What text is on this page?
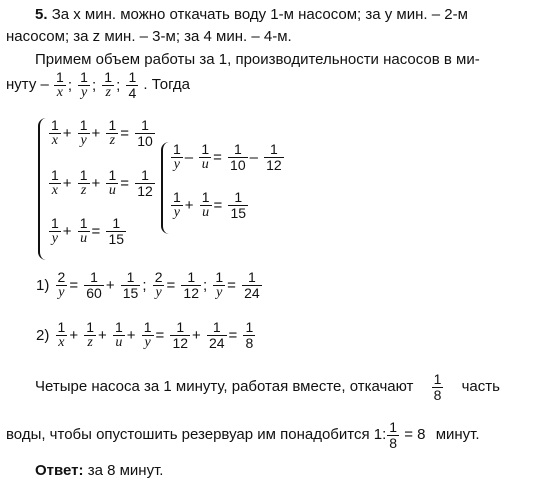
5. За x мин. можно откачать воду 1-м насосом; за y мин. – 2-м
насосом; за z мин. – 3-м; за 4 мин. – 4-м.
Примем объем работы за 1, производительности насосов в ми-
нуту – $\frac{1}{x}$ ; $\frac{1}{y}$ ; $\frac{1}{z}$ ; $\frac{1}{4}$ . Тогда
$\frac{1}{x} + \frac{1}{y} + \frac{1}{z} = \frac{1}{10}$
$\frac{1}{x} + \frac{1}{z} + \frac{1}{u} = \frac{1}{12}$
$\frac{1}{y} + \frac{1}{u} = \frac{1}{15}$
$\frac{1}{y} - \frac{1}{u} = \frac{1}{10} - \frac{1}{12}$
$\frac{1}{y} + \frac{1}{u} = \frac{1}{15}$
$1) \frac{2}{y} = \frac{1}{60} + \frac{1}{15}$ ; $\frac{2}{y} = \frac{1}{12}$ ; $\frac{1}{y} = \frac{1}{24}$
$2) \frac{1}{x} + \frac{1}{z} + \frac{1}{u} + \frac{1}{y} = \frac{1}{12} + \frac{1}{24} = \frac{1}{8}$
Четыре насоса за 1 минуту, работая вместе, откачают $\frac{1}{8}$ часть
воды, чтобы опустошить резервуар им понадобится 1: $\frac{1}{8} = 8$ минут.
Ответ: за 8 минут.
